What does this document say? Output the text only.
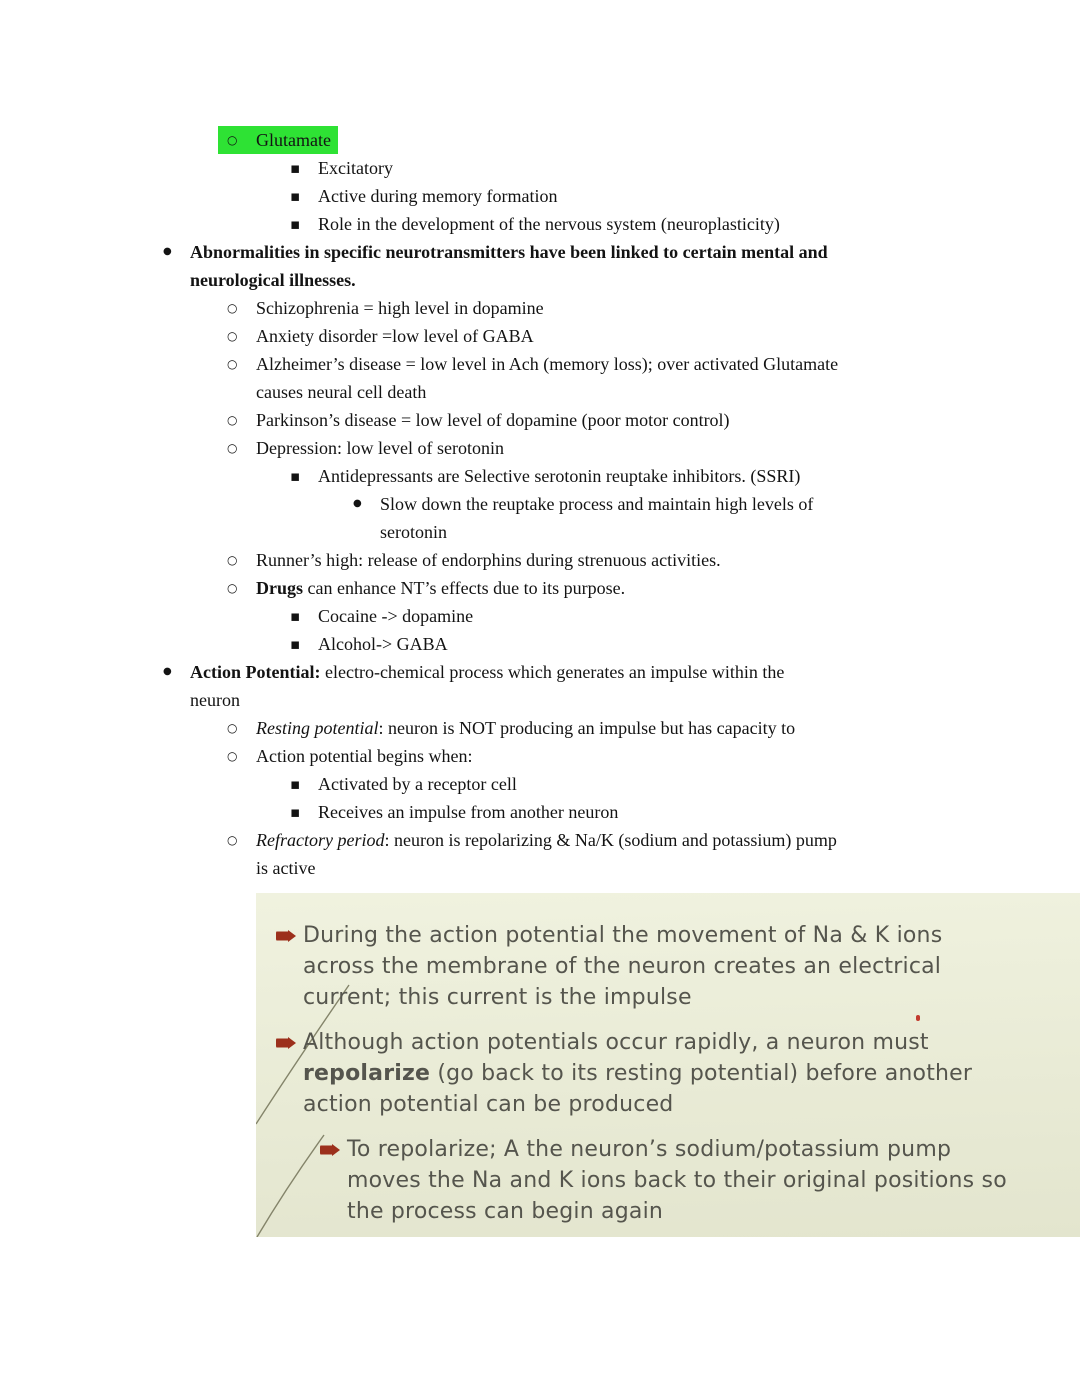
○	Glutamate
▪ Excitatory
▪ Active during memory formation
▪ Role in the development of the nervous system (neuroplasticity)
●	Abnormalities in specific neurotransmitters have been linked to certain mental and
neurological illnesses.
○	Schizophrenia = high level in dopamine
○	Anxiety disorder =low level of GABA
○	Alzheimer’s disease = low level in Ach (memory loss); over activated Glutamate
causes neural cell death
○	Parkinson’s disease = low level of dopamine (poor motor control)
○	Depression: low level of serotonin
▪ Antidepressants are Selective serotonin reuptake inhibitors. (SSRI)
●	Slow down the reuptake process and maintain high levels of
serotonin
○	Runner’s high: release of endorphins during strenuous activities.
○	Drugs can enhance NT’s effects due to its purpose.
▪ Cocaine -> dopamine
▪ Alcohol-> GABA
●	Action Potential: electro-chemical process which generates an impulse within the
neuron
○	Resting potential: neuron is NOT producing an impulse but has capacity to
○	Action potential begins when:
▪ Activated by a receptor cell
▪ Receives an impulse from another neuron
○	Refractory period: neuron is repolarizing & Na/K (sodium and potassium) pump
is active
During the action potential the movement of Na & K ions
across the membrane of the neuron creates an electrical
current; this current is the impulse
Although action potentials occur rapidly, a neuron must
repolarize (go back to its resting potential) before another
action potential can be produced
To repolarize; A the neuron’s sodium/potassium pump
moves the Na and K ions back to their original positions so
the process can begin again
